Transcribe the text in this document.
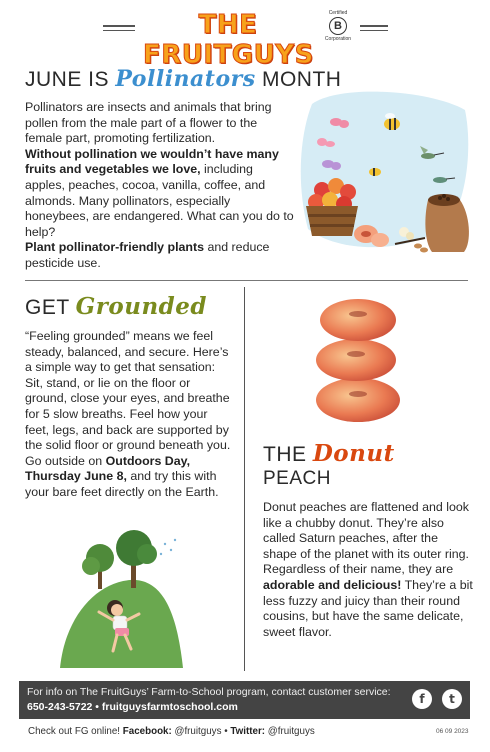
THE FRUITGUYS
Certified
B
Corporation
JUNE IS Pollinators MONTH
Pollinators are insects and animals that bring pollen from the male part of a flower to the female part, promoting fertilization.
Without pollination we wouldn’t have many fruits and vegetables we love, including apples, peaches, cocoa, vanilla, coffee, and almonds. Many pollinators, especially honeybees, are endangered. What can you do to help?
Plant pollinator-friendly plants and reduce pesticide use.
GET Grounded
“Feeling grounded” means we feel steady, balanced, and secure. Here’s a simple way to get that sensation: Sit, stand, or lie on the floor or ground, close your eyes, and breathe for 5 slow breaths. Feel how your feet, legs, and back are supported by the solid floor or ground beneath you. Go outside on Outdoors Day, Thursday June 8, and try this with your bare feet directly on the Earth.
THE Donut
PEACH
Donut peaches are flattened and look like a chubby donut. They’re also called Saturn peaches, after the shape of the planet with its outer ring. Regardless of their name, they are adorable and delicious! They’re a bit less fuzzy and juicy than their round cousins, but have the same delicate, sweet flavor.
For info on The FruitGuys’ Farm-to-School program, contact customer service:
650-243-5722 • fruitguysfarmtoschool.com
f	t
Check out FG online! Facebook: @fruitguys • Twitter: @fruitguys	06 09 2023
